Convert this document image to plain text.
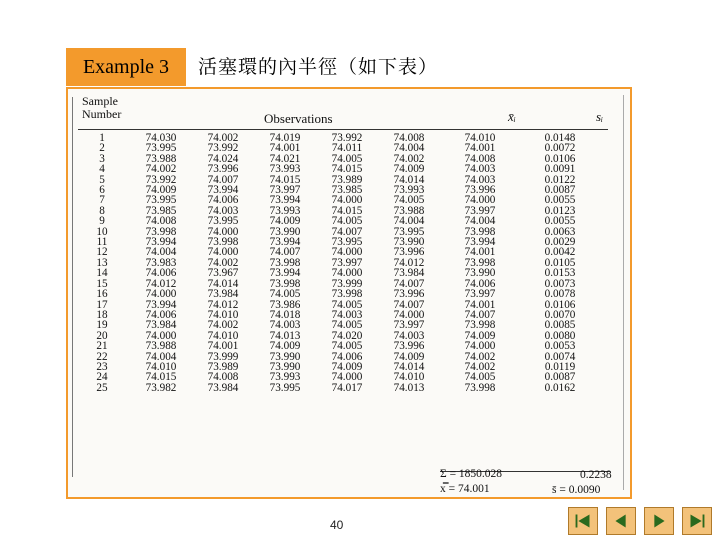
Example 3	活塞環的內半徑（如下表）
Sample
Number	Observations	x̄ᵢ	sᵢ
1	74.030	74.002	74.019	73.992	74.008	74.010	0.0148
2	73.995	73.992	74.001	74.011	74.004	74.001	0.0072
3	73.988	74.024	74.021	74.005	74.002	74.008	0.0106
4	74.002	73.996	73.993	74.015	74.009	74.003	0.0091
5	73.992	74.007	74.015	73.989	74.014	74.003	0.0122
6	74.009	73.994	73.997	73.985	73.993	73.996	0.0087
7	73.995	74.006	73.994	74.000	74.005	74.000	0.0055
8	73.985	74.003	73.993	74.015	73.988	73.997	0.0123
9	74.008	73.995	74.009	74.005	74.004	74.004	0.0055
10	73.998	74.000	73.990	74.007	73.995	73.998	0.0063
11	73.994	73.998	73.994	73.995	73.990	73.994	0.0029
12	74.004	74.000	74.007	74.000	73.996	74.001	0.0042
13	73.983	74.002	73.998	73.997	74.012	73.998	0.0105
14	74.006	73.967	73.994	74.000	73.984	73.990	0.0153
15	74.012	74.014	73.998	73.999	74.007	74.006	0.0073
16	74.000	73.984	74.005	73.998	73.996	73.997	0.0078
17	73.994	74.012	73.986	74.005	74.007	74.001	0.0106
18	74.006	74.010	74.018	74.003	74.000	74.007	0.0070
19	73.984	74.002	74.003	74.005	73.997	73.998	0.0085
20	74.000	74.010	74.013	74.020	74.003	74.009	0.0080
21	73.988	74.001	74.009	74.005	73.996	74.000	0.0053
22	74.004	73.999	73.990	74.006	74.009	74.002	0.0074
23	74.010	73.989	73.990	74.009	74.014	74.002	0.0119
24	74.015	74.008	73.993	74.000	74.010	74.005	0.0087
25	73.982	73.984	73.995	74.017	74.013	73.998	0.0162
Σ = 1850.028
x̿ = 74.001
0.2238
s̄ = 0.0090
40
